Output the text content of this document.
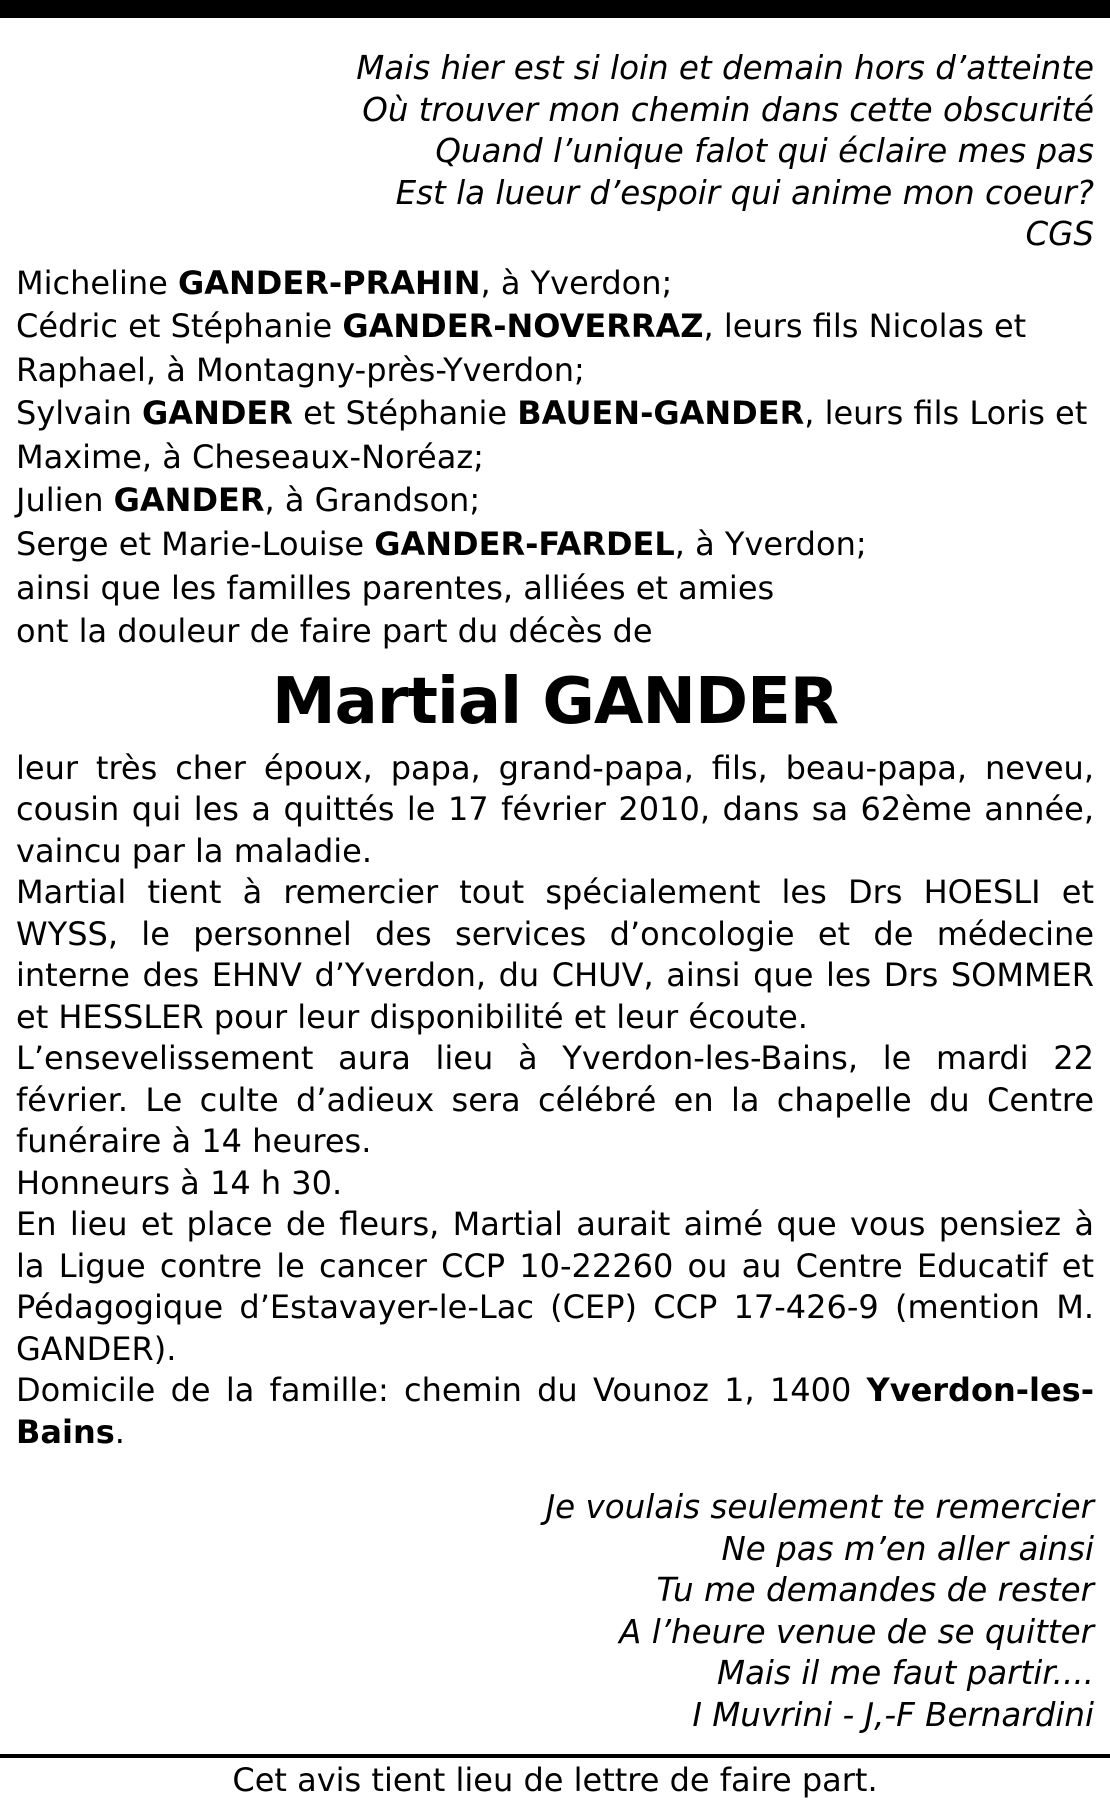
Mais hier est si loin et demain hors d’atteinte
Où trouver mon chemin dans cette obscurité
Quand l’unique falot qui éclaire mes pas
Est la lueur d’espoir qui anime mon coeur?
CGS
Micheline GANDER-PRAHIN, à Yverdon;
Cédric et Stéphanie GANDER-NOVERRAZ, leurs fils Nicolas et Raphael, à Montagny-près-Yverdon;
Sylvain GANDER et Stéphanie BAUEN-GANDER, leurs fils Loris et Maxime, à Cheseaux-Noréaz;
Julien GANDER, à Grandson;
Serge et Marie-Louise GANDER-FARDEL, à Yverdon;
ainsi que les familles parentes, alliées et amies
ont la douleur de faire part du décès de
Martial GANDER
leur très cher époux, papa, grand-papa, fils, beau-papa, neveu, cousin qui les a quittés le 17 février 2010, dans sa 62ème année, vaincu par la maladie.
Martial tient à remercier tout spécialement les Drs HOESLI et WYSS, le personnel des services d’oncologie et de médecine interne des EHNV d’Yverdon, du CHUV, ainsi que les Drs SOMMER et HESSLER pour leur disponibilité et leur écoute.
L’ensevelissement aura lieu à Yverdon-les-Bains, le mardi 22 février. Le culte d’adieux sera célébré en la chapelle du Centre funéraire à 14 heures.
Honneurs à 14 h 30.
En lieu et place de fleurs, Martial aurait aimé que vous pensiez à la Ligue contre le cancer CCP 10-22260 ou au Centre Educatif et Pédagogique d’Estavayer-le-Lac (CEP) CCP 17-426-9 (mention M. GANDER).
Domicile de la famille: chemin du Vounoz 1, 1400 Yverdon-les-Bains.
Je voulais seulement te remercier
Ne pas m’en aller ainsi
Tu me demandes de rester
A l’heure venue de se quitter
Mais il me faut partir....
I Muvrini - J,-F Bernardini
Cet avis tient lieu de lettre de faire part.
